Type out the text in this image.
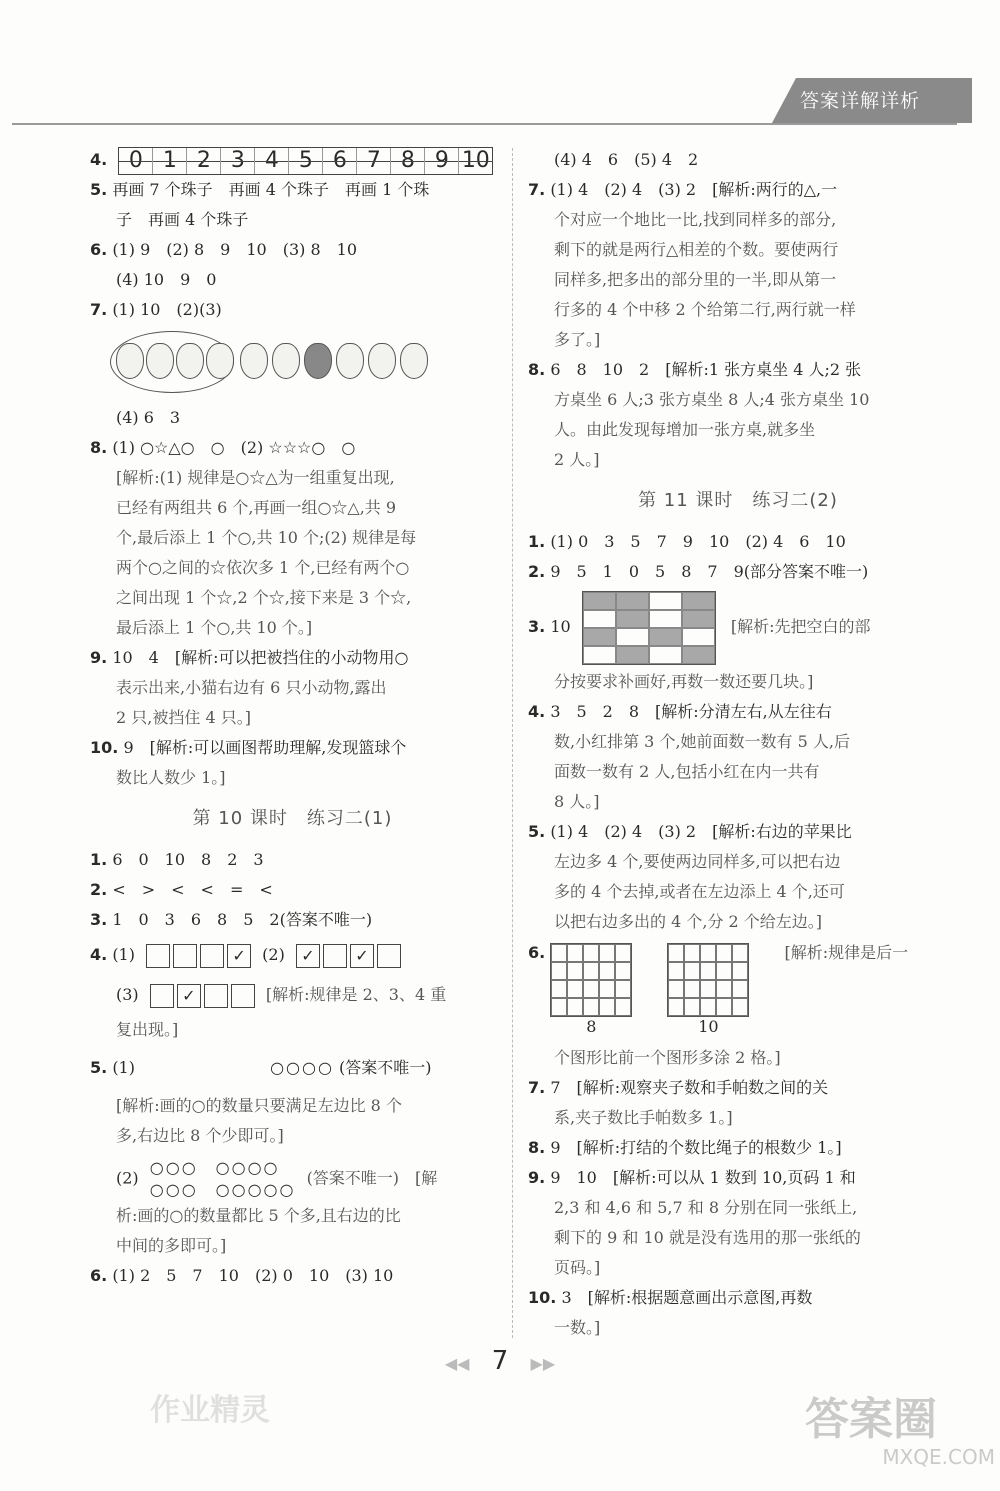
答案详解详析
4. 0 1 2 3 4 5 6 7 8 9 10
5. 再画 7 个珠子　再画 4 个珠子　再画 1 个珠
子　再画 4 个珠子
6. (1) 9　(2) 8　9　10　(3) 8　10
(4) 10　9　0
7. (1) 10　(2)(3)
(4) 6　3
8. (1) ○☆△○　○　(2) ☆☆☆○　○
[解析:(1) 规律是○☆△为一组重复出现,
已经有两组共 6 个,再画一组○☆△,共 9
个,最后添上 1 个○,共 10 个;(2) 规律是每
两个○之间的☆依次多 1 个,已经有两个○
之间出现 1 个☆,2 个☆,接下来是 3 个☆,
最后添上 1 个○,共 10 个。]
9. 10　4　[解析:可以把被挡住的小动物用○
表示出来,小猫右边有 6 只小动物,露出
2 只,被挡住 4 只。]
10. 9　[解析:可以画图帮助理解,发现篮球个
数比人数少 1。]
第 10 课时　练习二(1)
1. 6　0　10　8　2　3
2. <　>　<　<　=　<
3. 1　0　3　6　8　5　2(答案不唯一)
4. (1)	✓	(2)	✓	✓
(3)	✓	[解析:规律是 2、3、4 重
复出现。]
5. (1)	○○○○ (答案不唯一)
[解析:画的○的数量只要满足左边比 8 个
多,右边比 8 个少即可。]
(2) ○○○　○○○○
○○○　○○○○○ (答案不唯一)　[解
析:画的○的数量都比 5 个多,且右边的比
中间的多即可。]
6. (1) 2　5　7　10　(2) 0　10　(3) 10
(4) 4　6　(5) 4　2
7. (1) 4　(2) 4　(3) 2　[解析:两行的△,一
个对应一个地比一比,找到同样多的部分,
剩下的就是两行△相差的个数。要使两行
同样多,把多出的部分里的一半,即从第一
行多的 4 个中移 2 个给第二行,两行就一样
多了。]
8. 6　8　10　2　[解析:1 张方桌坐 4 人;2 张
方桌坐 6 人;3 张方桌坐 8 人;4 张方桌坐 10
人。由此发现每增加一张方桌,就多坐
2 人。]
第 11 课时　练习二(2)
1. (1) 0　3　5　7　9　10　(2) 4　6　10
2. 9　5　1　0　5　8　7　9(部分答案不唯一)
3. 10	[解析:先把空白的部
分按要求补画好,再数一数还要几块。]
4. 3　5　2　8　[解析:分清左右,从左往右
数,小红排第 3 个,她前面数一数有 5 人,后
面数一数有 2 人,包括小红在内一共有
8 人。]
5. (1) 4　(2) 4　(3) 2　[解析:右边的苹果比
左边多 4 个,要使两边同样多,可以把右边
多的 4 个去掉,或者在左边添上 4 个,还可
以把右边多出的 4 个,分 2 个给左边。]
6.
8	10 [解析:规律是后一
个图形比前一个图形多涂 2 格。]
7. 7　[解析:观察夹子数和手帕数之间的关
系,夹子数比手帕数多 1。]
8. 9　[解析:打结的个数比绳子的根数少 1。]
9. 9　10　[解析:可以从 1 数到 10,页码 1 和
2,3 和 4,6 和 5,7 和 8 分别在同一张纸上,
剩下的 9 和 10 就是没有选用的那一张纸的
页码。]
10. 3　[解析:根据题意画出示意图,再数
一数。]
◀◀ 7 ▶▶
作业精灵	答案圈
MXQE.COM
